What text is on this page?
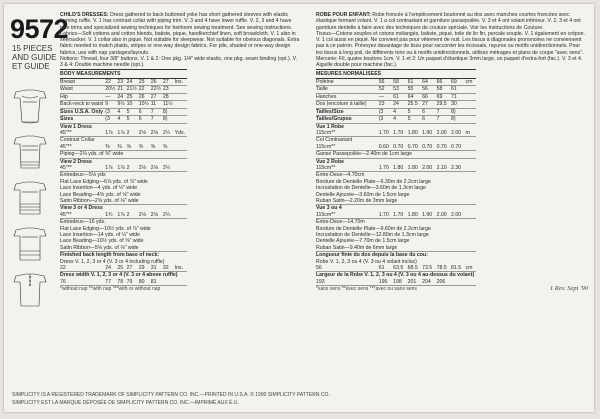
9572
15 PIECES
AND GUIDE
ET GUIDE

CHILD'S DRESSES: Dress gathered to back buttoned yoke has short gathered sleeves with elastic forming ruffle. V. 1 has contrast collar with piping trim. V. 3 and 4 have lower ruffle. V. 2, 3 and 4 have lace trims and specialized sewing techniques for heirloom sewing treatment. See sewing instructions.

Fabrics—Soft cottons and cotton blends, batiste, pique, handkerchief linen, soft broadcloth. V. 1 also in seersucker. V. 1 collar also in pique. Not suitable for sleepwear. Not suitable for obvious diagonals. Extra fabric needed to match plaids, stripes or one-way design fabrics. For pile, shaded or one-way design fabrics, use with nap yardages/layouts.

Notions: Thread, four 3/8" buttons. V. 1 & 2: One pkg. 1/4" wide elastic, one pkg. seam binding (opt.). V. 3 & 4: Double machine needle (opt.).

BODY MEASUREMENTS							
Breast	22	23	24	25	26	27	Ins.
Waist	20½	21	21½	22	22½	23	
Hip	—	24	25	26	27	28	
Back-neck to waist	9	9½	10	10½	11	11½	
Sizes U.S.A. Only	(3	4	5	6	7	8)	
Sizes	(3	4	5	6	7	8)	
View 1 Dress							
45"**	1⅞	1⅞	2	2⅛	2⅛	2¼	Yds.
Contrast Collar							
45"**	⅜	⅜	⅜	⅜	⅜	⅜	
Piping—2⅛ yds. of ⅜" wide							
View 2 Dress							
45"**	1⅞	1⅞	2	2⅛	2⅛	2¼	
Entredeux—5⅛ yds							
Flat Lace Edging—6⅞ yds. of ⅞" wide							
Lace Insertion—4 yds. of ½" wide							
Lace Beading—4⅝ yds. of ⅝" wide							
Satin Ribbon—2⅝ yds. of ⅛" wide							
View 3 or 4 Dress							
45"**	1¾	1⅞	2	2⅛	2⅛	2¼	
Entredeux—16 yds.							
Flat Lace Edging—10½ yds. of ⅞" wide							
Lace Insertion—14 yds. of ½" wide							
Lace Beading—10½ yds. of ⅝" wide							
Satin Ribbon—5⅛ yds. of ⅛" wide							
Finished back length from base of neck:							
Dress V. 1, 2, 3 or 4 (V. 3 or 4 including ruffle)							
22	24	25	27	29	31	32	Ins.
Dress width V. 1, 2, 3 or 4 (V. 3 or 4 above ruffle)							
76	77	78	79	80	81		

*without nap **with nap ***with or without nap

ROBE POUR ENFANT: Robe froncée à l'empiècement boutonné au dos avec manches courtes froncées avec élastique formant volant. V. 1 a col contrastant et garniture passepoilée. V. 3 et 4 ont volant inférieur. V. 2, 3 et 4 ont garniture dentelle à faire avec des techniques de couture spéciale. Voir les Instructions de Couture.

Tissus—Cotons souples et cotons mélangés, batiste, piqué, toile de lin fin, percale souple. V. 1 également en crépon. V. 1 col aussi en piqué. Ne convient pas pour vêtement de nuit. Les tissus à diagonales prononcées ne conviennent pas à ce patron. Prévoyez davantage de tissu pour raccorder les écossais, rayures ou motifs unidirectionnels. Pour les tissus à long poil, de différents tons ou à motifs unidirectionnels, utilisez métrages et plans de coupe "avec sens".

Mercerie: Fil, quatre boutons 1cm. V. 1 et 2: Un paquet d'élastique 3mm large, un paquet d'extra-fort (fac.). V. 3 et 4. Aiguille double pour machine (fac.).

MESURES NORMALISEES							
Poitrine	56	58	61	64	66	69	cm
Taille	52	53	55	56	58	61	
Hanches	—	61	64	66	69	71	
Dos (encolure à taille)	23	24	25.5	27	29.5	30	
Tailles/Size	(3	4	5	6	7	8)	
Tailles/Grupos	(3	4	5	6	7	8)	
Vue 1 Robe							
115cm**	1.70	1.70	1.80	1.90	2.00	2.00	m
Col Contrastant							
115cm**	0.60	0.70	0.70	0.70	0.70	0.70	
Ganse Passepoilée—2.40m de 1cm large							
Vue 2 Robe							
115cm**	1.70	1.80	1.80	2.00	2.10	2.30	
Entre-Deux—4.70cm							
Bordure de Dentelle Plate—6.30m de 2.2cm large							
Incrustation de Dentelle—3.60m de 1.3cm large							
Dentelle Ajourée—3.60m de 1.5cm large							
Ruban Satin—2.20m de 3mm large							
Vue 3 ou 4							
115cm**	1.70	1.70	1.80	1.90	2.00	2.00	
Entre-Deux—14.70m							
Bordure de Dentelle Plate—9.60m de 2.2cm large							
Incrustation de Dentelle—12.80m de 1.3cm large							
Dentelle Ajourée—7.70m de 1.5cm large							
Ruban Satin—9.40m de 6mm large							
Longueur finie du dos depuis la base du cou:							
Robe V. 1, 2, 3 ou 4 (V. 3 ou 4 volant inclus)							
56	61	63.5	68.5	73.5	78.5	81.5	cm
Largeur de la Robe V. 1, 2, 3 ou 4 (V. 3 ou 4 au-dessus du volant)							
193	196	198	201	204	206		

*sans sens **avec sens ***avec ou sans sens	1 Rev. Sept '90

SIMPLICITY IS A REGISTERED TRADEMARK OF SIMPLICITY PATTERN CO. INC.—PRINTED IN U.S.A. © 1990 SIMPLICITY PATTERN CO.
SIMPLICITY EST LA MARQUE DÉPOSÉE DE SIMPLICITY PATTERN CO. INC.—IMPRIMÉ AUX É.U.
